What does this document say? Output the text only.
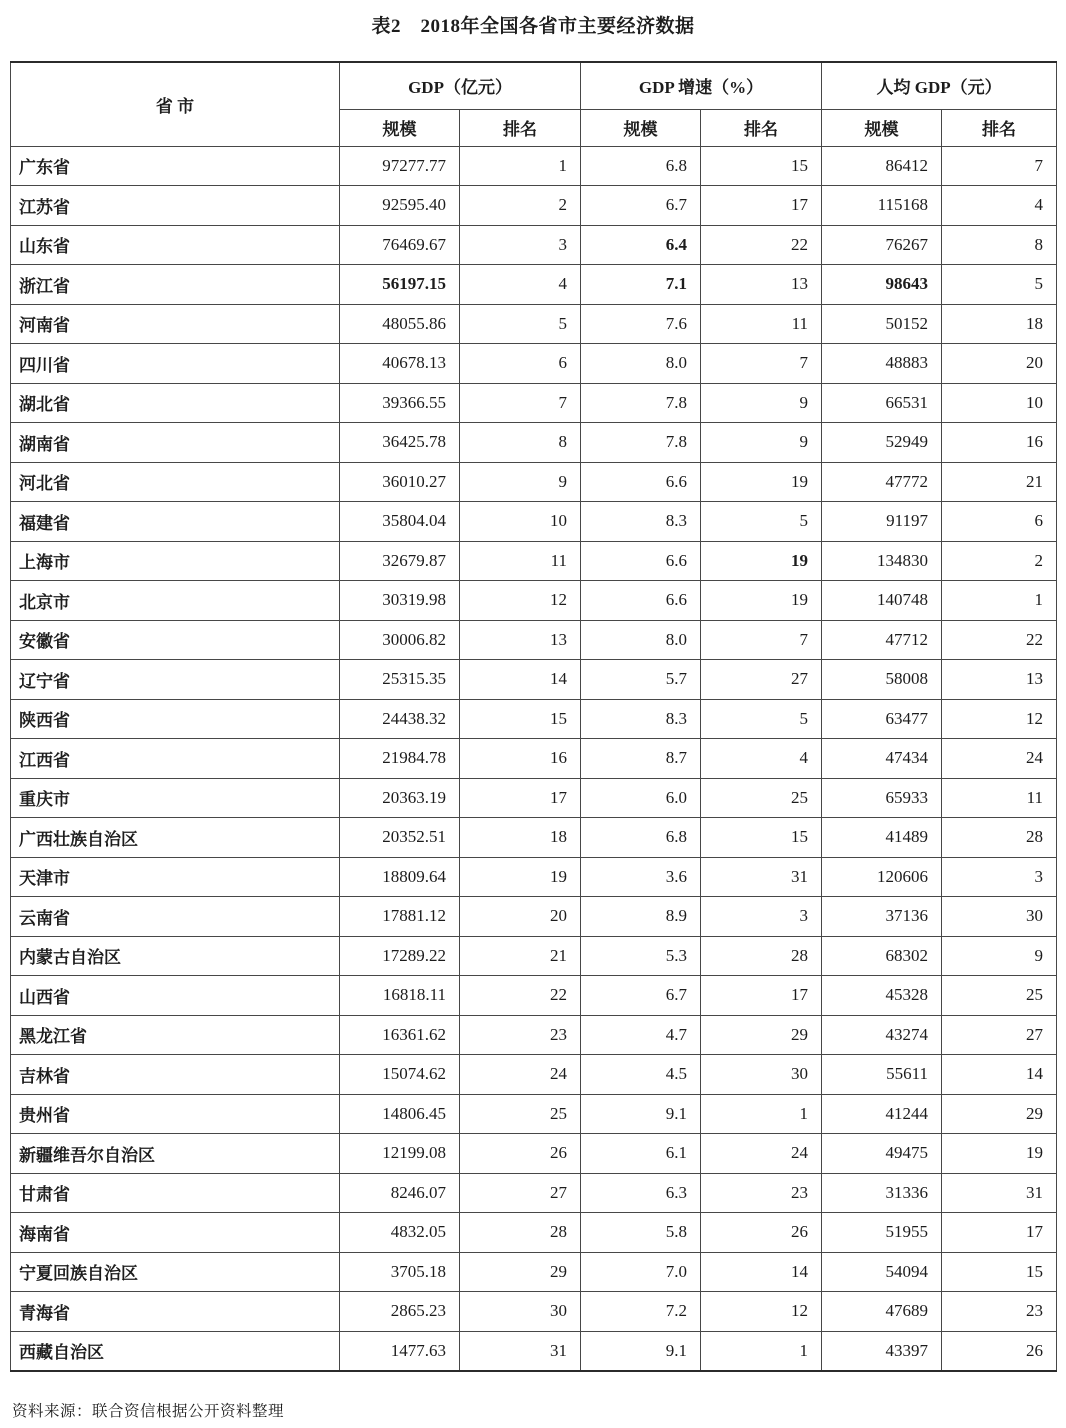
表2　2018年全国各省市主要经济数据
省 市	GDP（亿元）		GDP 增速（%）		人均 GDP（元）	
	规模	排名	规模	排名	规模	排名
广东省	97277.77	1	6.8	15	86412	7
江苏省	92595.40	2	6.7	17	115168	4
山东省	76469.67	3	6.4	22	76267	8
浙江省	56197.15	4	7.1	13	98643	5
河南省	48055.86	5	7.6	11	50152	18
四川省	40678.13	6	8.0	7	48883	20
湖北省	39366.55	7	7.8	9	66531	10
湖南省	36425.78	8	7.8	9	52949	16
河北省	36010.27	9	6.6	19	47772	21
福建省	35804.04	10	8.3	5	91197	6
上海市	32679.87	11	6.6	19	134830	2
北京市	30319.98	12	6.6	19	140748	1
安徽省	30006.82	13	8.0	7	47712	22
辽宁省	25315.35	14	5.7	27	58008	13
陕西省	24438.32	15	8.3	5	63477	12
江西省	21984.78	16	8.7	4	47434	24
重庆市	20363.19	17	6.0	25	65933	11
广西壮族自治区	20352.51	18	6.8	15	41489	28
天津市	18809.64	19	3.6	31	120606	3
云南省	17881.12	20	8.9	3	37136	30
内蒙古自治区	17289.22	21	5.3	28	68302	9
山西省	16818.11	22	6.7	17	45328	25
黑龙江省	16361.62	23	4.7	29	43274	27
吉林省	15074.62	24	4.5	30	55611	14
贵州省	14806.45	25	9.1	1	41244	29
新疆维吾尔自治区	12199.08	26	6.1	24	49475	19
甘肃省	8246.07	27	6.3	23	31336	31
海南省	4832.05	28	5.8	26	51955	17
宁夏回族自治区	3705.18	29	7.0	14	54094	15
青海省	2865.23	30	7.2	12	47689	23
西藏自治区	1477.63	31	9.1	1	43397	26
资料来源：联合资信根据公开资料整理
